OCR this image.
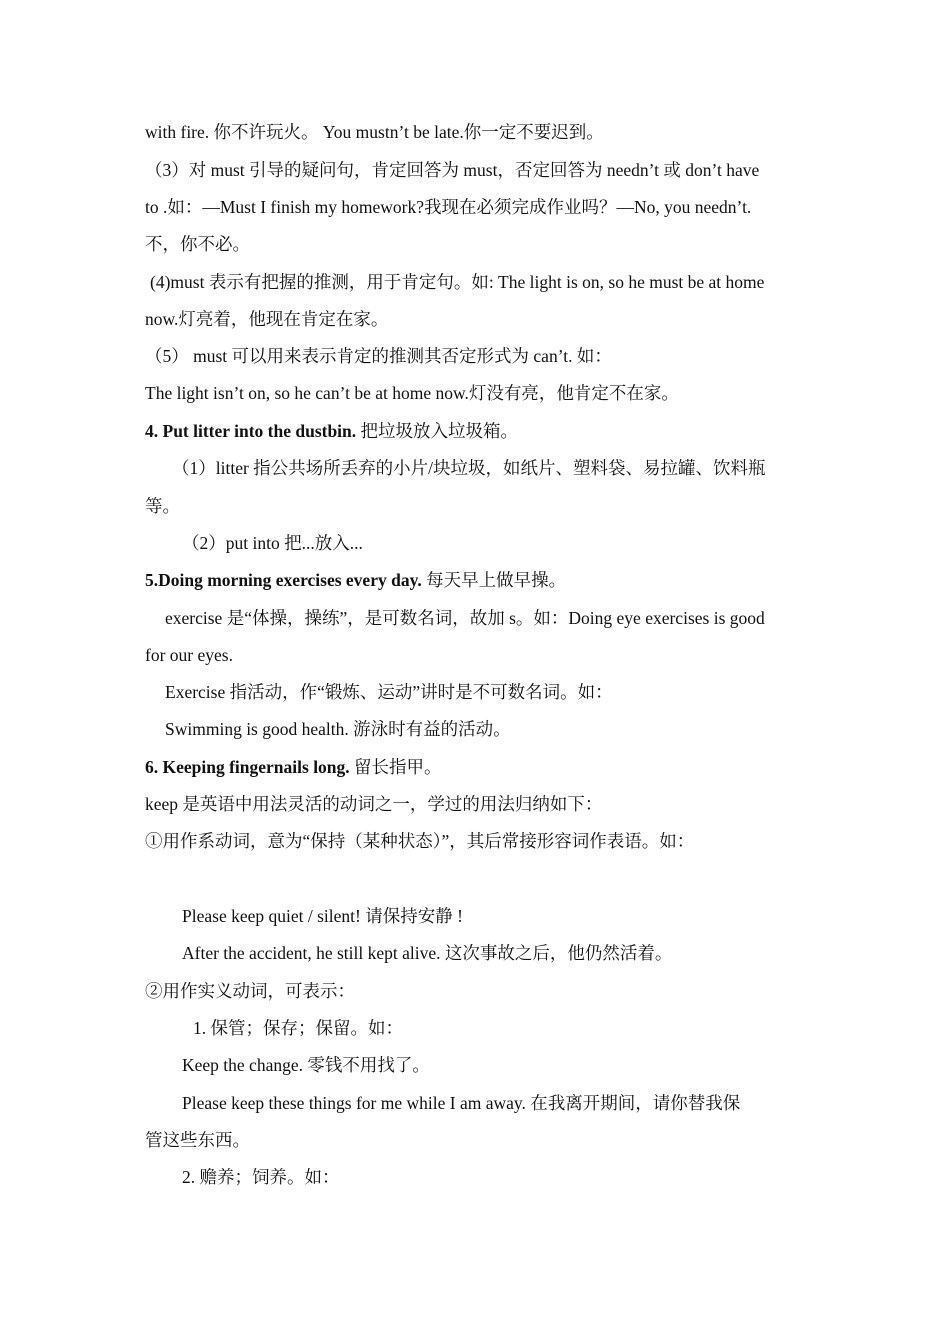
with fire. 你不许玩火。 You mustn’t be late.你一定不要迟到。
（3）对 must 引导的疑问句，肯定回答为 must，否定回答为 needn’t 或 don’t have
to .如：—Must I finish my homework?我现在必须完成作业吗？—No, you needn’t.
不，你不必。
(4)must 表示有把握的推测，用于肯定句。如: The light is on, so he must be at home
now.灯亮着，他现在肯定在家。
（5） must 可以用来表示肯定的推测其否定形式为 can’t. 如：
The light isn’t on, so he can’t be at home now.灯没有亮，他肯定不在家。
4. Put litter into the dustbin. 把垃圾放入垃圾箱。
（1）litter 指公共场所丢弃的小片/块垃圾，如纸片、塑料袋、易拉罐、饮料瓶
等。
（2）put into 把...放入...
5.Doing morning exercises every day. 每天早上做早操。
exercise 是“体操，操练”，是可数名词，故加 s。如：Doing eye exercises is good
for our eyes.
Exercise 指活动，作“锻炼、运动”讲时是不可数名词。如：
Swimming is good health. 游泳时有益的活动。
6. Keeping fingernails long. 留长指甲。
keep 是英语中用法灵活的动词之一，学过的用法归纳如下：
①用作系动词，意为“保持（某种状态）”，其后常接形容词作表语。如：
Please keep quiet / silent! 请保持安静 !
After the accident, he still kept alive. 这次事故之后，他仍然活着。
②用作实义动词，可表示：
1. 保管；保存；保留。如：
Keep the change. 零钱不用找了。
Please keep these things for me while I am away. 在我离开期间，请你替我保
管这些东西。
2. 赡养；饲养。如：
